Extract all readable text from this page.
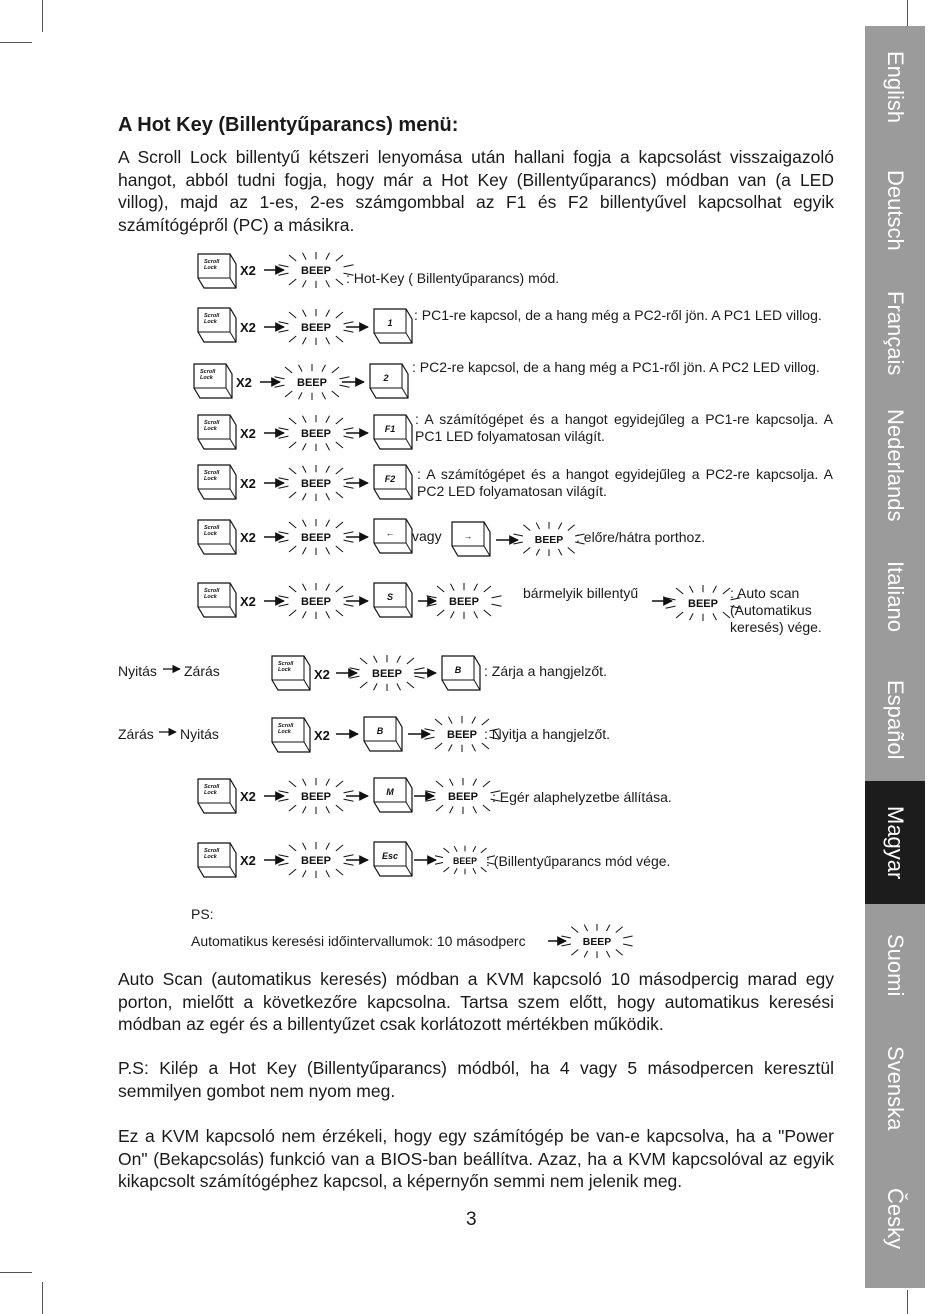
A Hot Key (Billentyűparancs) menü:

A Scroll Lock billentyű kétszeri lenyomása után hallani fogja a kapcsolást visszaigazoló hangot, abból tudni fogja, hogy már a Hot Key (Billentyűparancs) módban van (a LED villog), majd az 1-es, 2-es számgombbal az F1 és F2 billentyűvel kapcsolhat egyik számítógépről (PC) a másikra.

Scroll
Lock X2	BEEP
Scroll
Lock X2	BEEP	1
Scroll
Lock X2	BEEP	2
Scroll
Lock X2	BEEP	F1
Scroll
Lock X2	BEEP	F2
Scroll
Lock X2	BEEP	←	→	BEEP
Scroll
Lock X2	BEEP	S	BEEP	BEEP
Scroll
Lock X2	BEEP	B
Scroll
Lock X2	B	BEEP
Scroll
Lock X2	BEEP	M	BEEP
Scroll
Lock X2	BEEP	Esc	BEEP
BEEP
: Hot-Key ( Billentyűparancs) mód.
: PC1-re kapcsol, de a hang még a PC2-ről jön. A PC1 LED villog.
: PC2-re kapcsol, de a hang még a PC1-ről jön. A PC2 LED villog.
: A számítógépet és a hangot egyidejűleg a PC1-re kapcsolja. A PC1 LED folyamatosan világít.
: A számítógépet és a hangot egyidejűleg a PC2-re kapcsolja. A PC2 LED folyamatosan világít.
vagy	: előre/hátra porthoz.
bármelyik billentyű	: Auto scan (Automatikus keresés) vége.
Nyitás Zárás	: Zárja a hangjelzőt.
Zárás Nyitás	: Nyitja a hangjelzőt.
: Egér alaphelyzetbe állítása.
: (Billentyűparancs mód vége.
PS:
Automatikus keresési időintervallumok: 10 másodperc

Auto Scan (automatikus keresés) módban a KVM kapcsoló 10 másodpercig marad egy porton, mielőtt a következőre kapcsolna. Tartsa szem előtt, hogy automatikus keresési módban az egér és a billentyűzet csak korlátozott mértékben működik.

P.S: Kilép a Hot Key (Billentyűparancs) módból, ha 4 vagy 5 másodpercen keresztül semmilyen gombot nem nyom meg.

Ez a KVM kapcsoló nem érzékeli, hogy egy számítógép be van-e kapcsolva, ha a "Power On" (Bekapcsolás) funkció van a BIOS-ban beállítva. Azaz, ha a KVM kapcsolóval az egyik kikapcsolt számítógéphez kapcsol, a képernyőn semmi nem jelenik meg.

3
English
Deutsch
Français
Nederlands
Italiano
Español
Magyar
Suomi
Svenska
Česky
